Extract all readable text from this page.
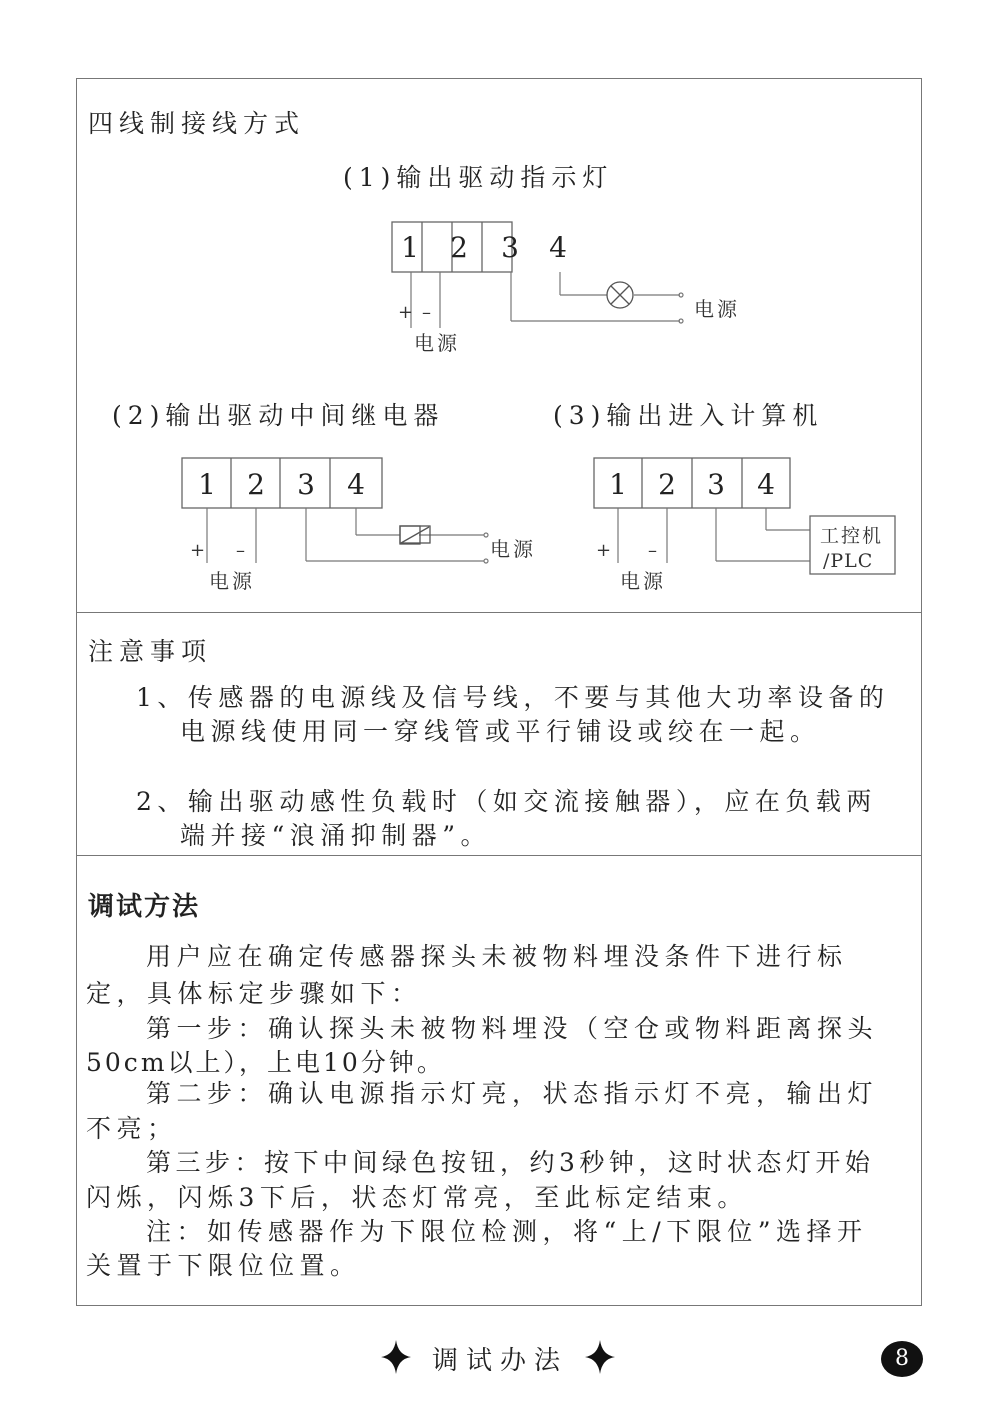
四线制接线方式
(1)输出驱动指示灯
(2)输出驱动中间继电器	(3)输出进入计算机
1 2 3 4
+ –
电源
电源
1 2 3 4
+ –
电源
电源
1 2 3 4
工控机
/PLC
+ –
电源
注意事项
1、传感器的电源线及信号线，不要与其他大功率设备的
电源线使用同一穿线管或平行铺设或绞在一起。
2、输出驱动感性负载时（如交流接触器），应在负载两
端并接“浪涌抑制器”。
调试方法
用户应在确定传感器探头未被物料埋没条件下进行标
定，具体标定步骤如下：
第一步：确认探头未被物料埋没（空仓或物料距离探头
50cm以上），上电10分钟。
第二步：确认电源指示灯亮，状态指示灯不亮，输出灯
不亮；
第三步：按下中间绿色按钮，约3秒钟，这时状态灯开始
闪烁，闪烁3下后，状态灯常亮，至此标定结束。
注：如传感器作为下限位检测，将“上/下限位”选择开
关置于下限位位置。
调试办法	8
